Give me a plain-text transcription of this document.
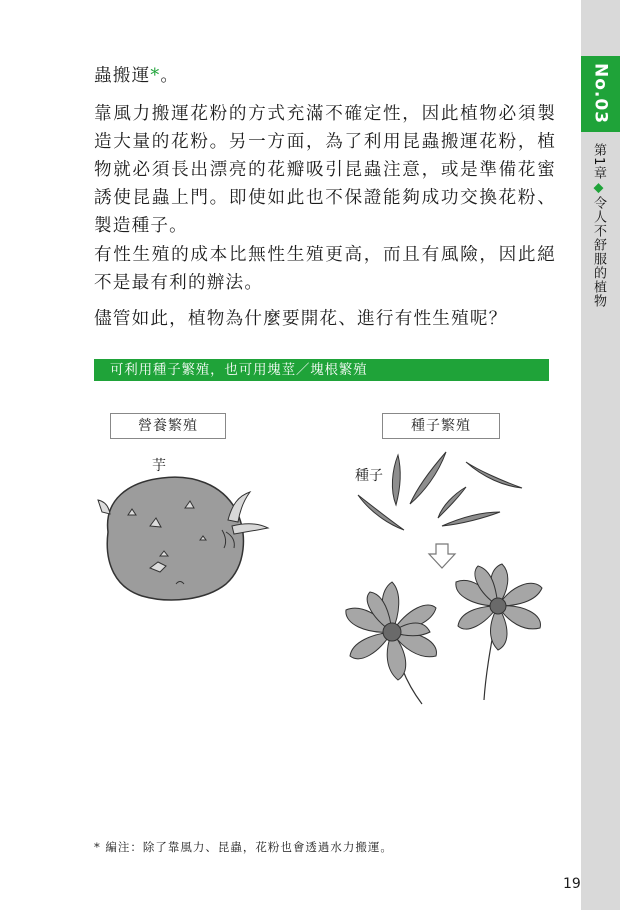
No.03
第1章◆令人不舒服的植物

蟲搬運*。

靠風力搬運花粉的方式充滿不確定性，因此植物必須製造大量的花粉。另一方面，為了利用昆蟲搬運花粉，植物就必須長出漂亮的花瓣吸引昆蟲注意，或是準備花蜜誘使昆蟲上門。即使如此也不保證能夠成功交換花粉、製造種子。

有性生殖的成本比無性生殖更高，而且有風險，因此絕不是最有利的辦法。

儘管如此，植物為什麼要開花、進行有性生殖呢？

可利用種子繁殖，也可用塊莖／塊根繁殖
營養繁殖	種子繁殖
芋
種子
* 編注：除了靠風力、昆蟲，花粉也會透過水力搬運。
19
